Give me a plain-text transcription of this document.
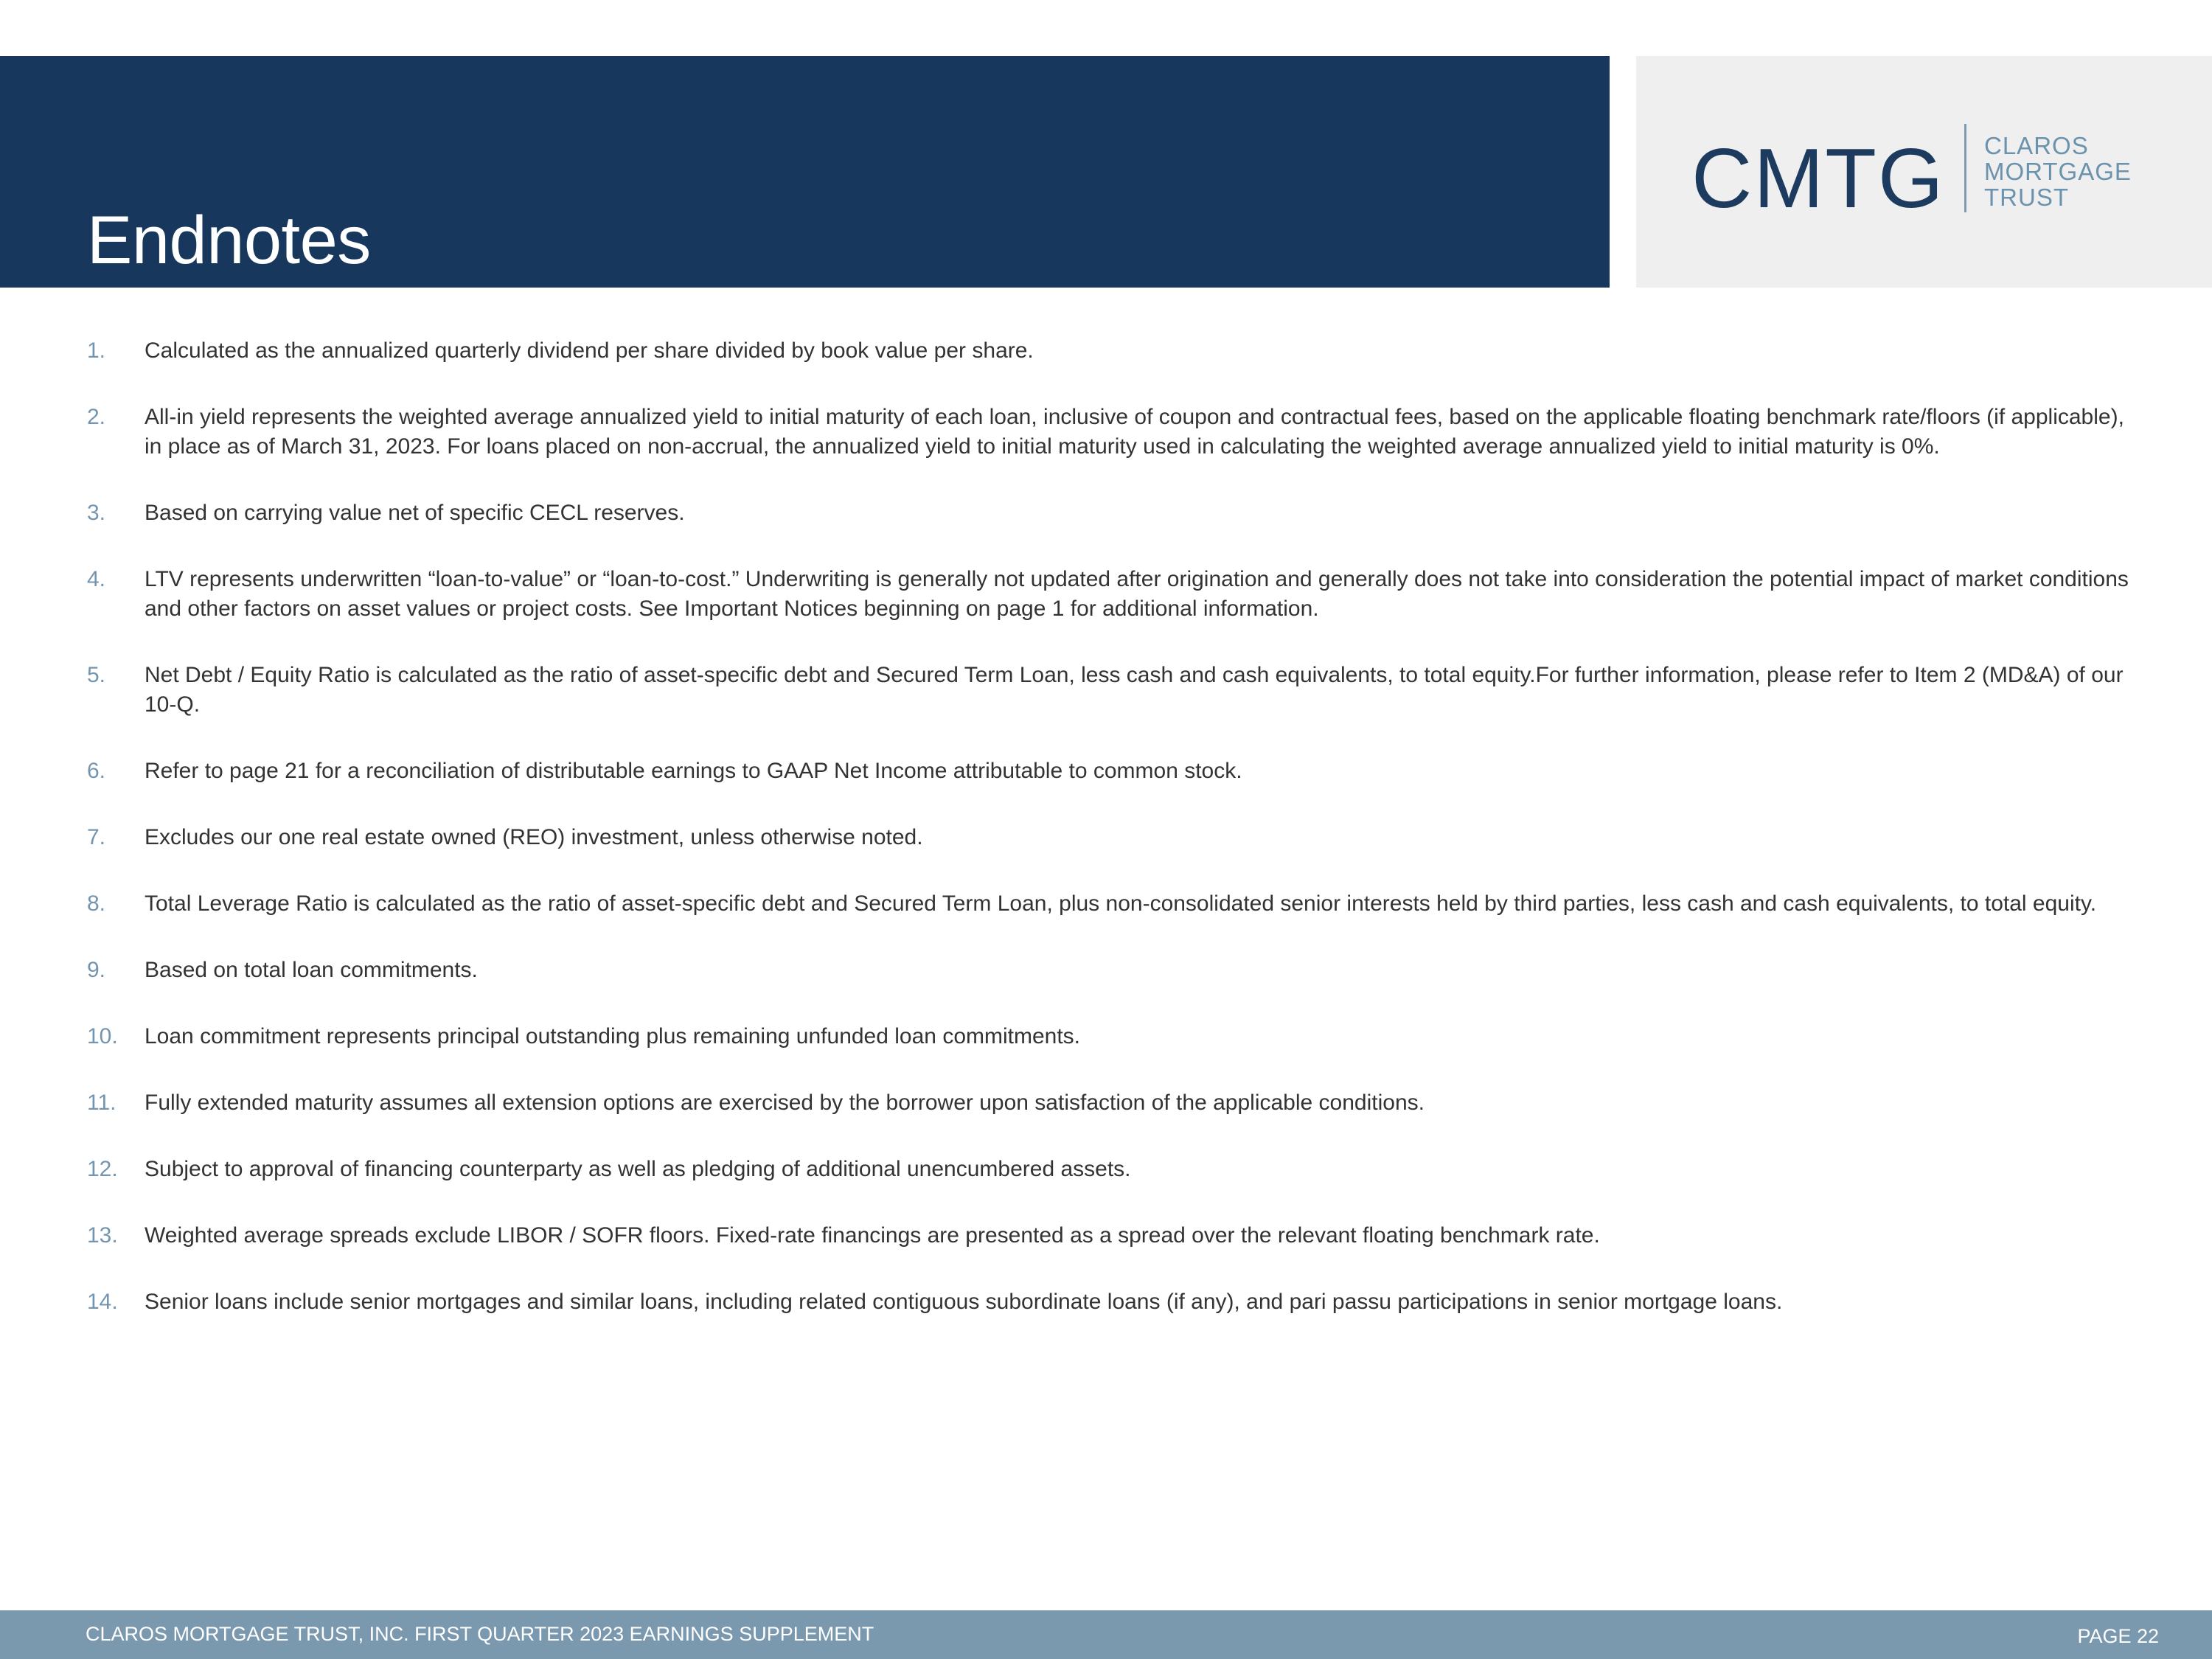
Endnotes
CMTG CLAROS
MORTGAGE
TRUST
1. Calculated as the annualized quarterly dividend per share divided by book value per share.
2. All-in yield represents the weighted average annualized yield to initial maturity of each loan, inclusive of coupon and contractual fees, based on the applicable floating benchmark rate/floors (if applicable), in place as of March 31, 2023. For loans placed on non-accrual, the annualized yield to initial maturity used in calculating the weighted average annualized yield to initial maturity is 0%.
3. Based on carrying value net of specific CECL reserves.
4. LTV represents underwritten “loan-to-value” or “loan-to-cost.” Underwriting is generally not updated after origination and generally does not take into consideration the potential impact of market conditions and other factors on asset values or project costs. See Important Notices beginning on page 1 for additional information.
5. Net Debt / Equity Ratio is calculated as the ratio of asset-specific debt and Secured Term Loan, less cash and cash equivalents, to total equity.For further information, please refer to Item 2 (MD&A) of our 10-Q.
6. Refer to page 21 for a reconciliation of distributable earnings to GAAP Net Income attributable to common stock.
7. Excludes our one real estate owned (REO) investment, unless otherwise noted.
8. Total Leverage Ratio is calculated as the ratio of asset-specific debt and Secured Term Loan, plus non-consolidated senior interests held by third parties, less cash and cash equivalents, to total equity.
9. Based on total loan commitments.
10. Loan commitment represents principal outstanding plus remaining unfunded loan commitments.
11. Fully extended maturity assumes all extension options are exercised by the borrower upon satisfaction of the applicable conditions.
12. Subject to approval of financing counterparty as well as pledging of additional unencumbered assets.
13. Weighted average spreads exclude LIBOR / SOFR floors. Fixed-rate financings are presented as a spread over the relevant floating benchmark rate.
14. Senior loans include senior mortgages and similar loans, including related contiguous subordinate loans (if any), and pari passu participations in senior mortgage loans.
CLAROS MORTGAGE TRUST, INC. FIRST QUARTER 2023 EARNINGS SUPPLEMENT	PAGE 22
